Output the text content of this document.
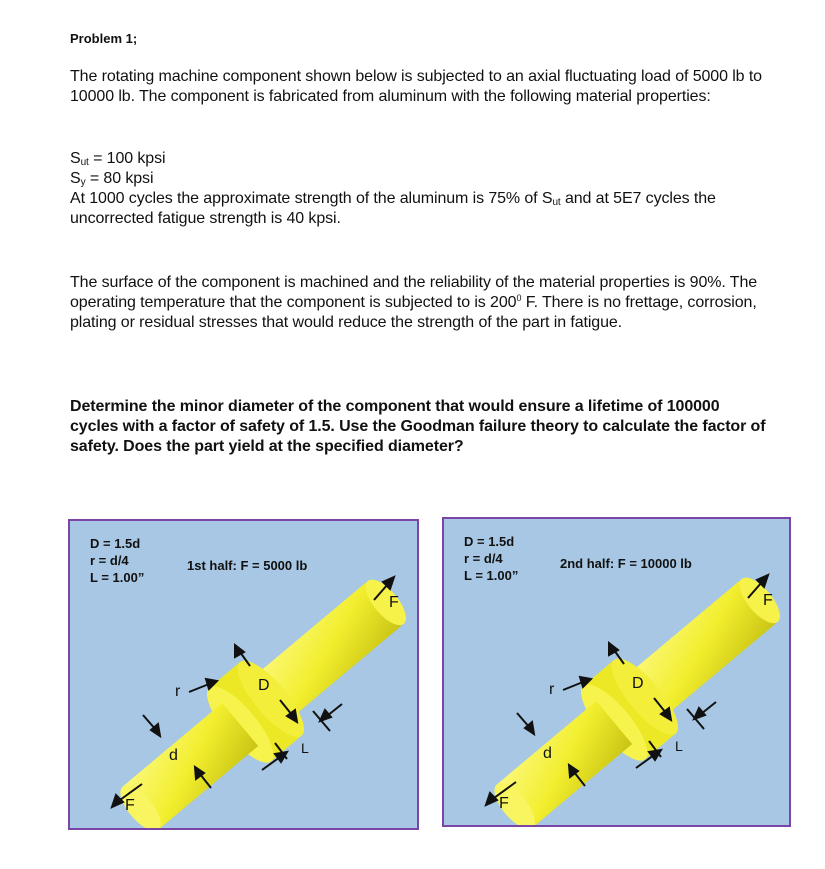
Problem 1;
The rotating machine component shown below is subjected to an axial fluctuating load of 5000 lb to 10000 lb. The component is fabricated from aluminum with the following material properties:
$S_{ut} = 100$ kpsi
$S_y = 80$ kpsi
At 1000 cycles the approximate strength of the aluminum is 75% of $S_{ut}$ and at 5E7 cycles the uncorrected fatigue strength is 40 kpsi.
The surface of the component is machined and the reliability of the material properties is 90%. The operating temperature that the component is subjected to is $200^0$ F. There is no frettage, corrosion, plating or residual stresses that would reduce the strength of the part in fatigue.
Determine the minor diameter of the component that would ensure a lifetime of 100000 cycles with a factor of safety of 1.5. Use the Goodman failure theory to calculate the factor of safety. Does the part yield at the specified diameter?
D = 1.5d
r = d/4
L = 1.00”
1st half: F = 5000 lb
F
F
D
d
r
L
D = 1.5d
r = d/4
L = 1.00”
2nd half: F = 10000 lb
F
F
D
d
r
L
